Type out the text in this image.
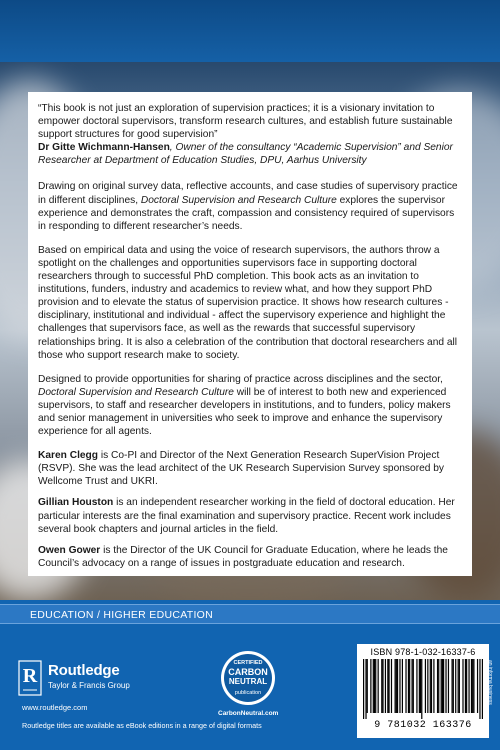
“This book is not just an exploration of supervision practices; it is a visionary invitation to empower doctoral supervisors, transform research cultures, and establish future sustainable support structures for good supervision”
Dr Gitte Wichmann-Hansen, Owner of the consultancy “Academic Supervision” and Senior Researcher at Department of Education Studies, DPU, Aarhus University

Drawing on original survey data, reflective accounts, and case studies of supervisory practice in different disciplines, Doctoral Supervision and Research Culture explores the supervisor experience and demonstrates the craft, compassion and consistency required of supervisors in responding to different researcher’s needs.

Based on empirical data and using the voice of research supervisors, the authors throw a spotlight on the challenges and opportunities supervisors face in supporting doctoral researchers through to successful PhD completion. This book acts as an invitation to institutions, funders, industry and academics to review what, and how they support PhD provision and to elevate the status of supervision practice. It shows how research cultures - disciplinary, institutional and individual - affect the supervisory experience and highlight the challenges that supervisors face, as well as the rewards that successful supervisory relationships bring. It is also a celebration of the contribution that doctoral researchers and all those who support research make to society.

Designed to provide opportunities for sharing of practice across disciplines and the sector, Doctoral Supervision and Research Culture will be of interest to both new and experienced supervisors, to staff and researcher developers in institutions, and to funders, policy makers and senior management in universities who seek to improve and enhance the supervisory experience for all agents.

Karen Clegg is Co-PI and Director of the Next Generation Research SuperVision Project (RSVP). She was the lead architect of the UK Research Supervision Survey sponsored by Wellcome Trust and UKRI.

Gillian Houston is an independent researcher working in the field of doctoral education. Her particular interests are the final examination and supervisory practice. Recent work includes several book chapters and journal articles in the field.

Owen Gower is the Director of the UK Council for Graduate Education, where he leads the Council’s advocacy on a range of issues in postgraduate education and research.

EDUCATION / HIGHER EDUCATION
R Routledge
Taylor & Francis Group
www.routledge.com
Routledge titles are available as eBook editions in a range of digital formats
CERTIFIED
CARBON
NEUTRAL
publication
CarbonNeutral.com
ISBN 978-1-032-16337-6
9 781032 163376
an informa business
